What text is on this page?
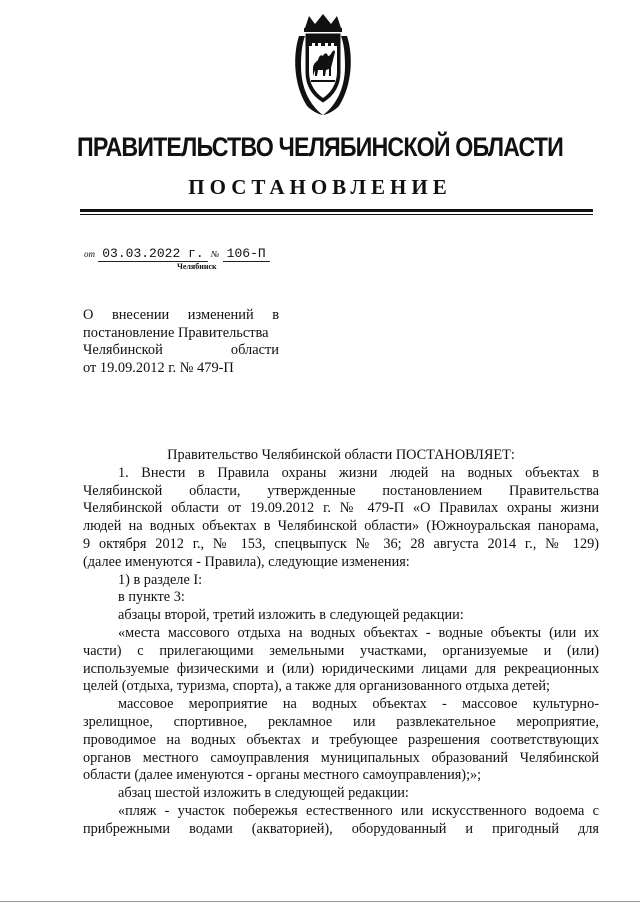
ПРАВИТЕЛЬСТВО ЧЕЛЯБИНСКОЙ ОБЛАСТИ
ПОСТАНОВЛЕНИЕ
от 03.03.2022 г. № 106-П
Челябинск
О внесении изменений в
постановление Правительства
Челябинской области
от 19.09.2012 г. № 479-П

Правительство Челябинской области ПОСТАНОВЛЯЕТ:

1. Внести в Правила охраны жизни людей на водных объектах в

Челябинской области, утвержденные постановлением Правительства

Челябинской области от 19.09.2012 г. № 479-П «О Правилах охраны жизни

людей на водных объектах в Челябинской области» (Южноуральская панорама,

9 октября 2012 г., № 153, спецвыпуск № 36; 28 августа 2014 г., № 129)

(далее именуются - Правила), следующие изменения:

1) в разделе I:

в пункте 3:

абзацы второй, третий изложить в следующей редакции:

«места массового отдыха на водных объектах - водные объекты (или их

части) с прилегающими земельными участками, организуемые и (или)

используемые физическими и (или) юридическими лицами для рекреационных

целей (отдыха, туризма, спорта), а также для организованного отдыха детей;

массовое мероприятие на водных объектах - массовое культурно-

зрелищное, спортивное, рекламное или развлекательное мероприятие,

проводимое на водных объектах и требующее разрешения соответствующих

органов местного самоуправления муниципальных образований Челябинской

области (далее именуются - органы местного самоуправления);»;

абзац шестой изложить в следующей редакции:

«пляж - участок побережья естественного или искусственного водоема с

прибрежными водами (акваторией), оборудованный и пригодный для
